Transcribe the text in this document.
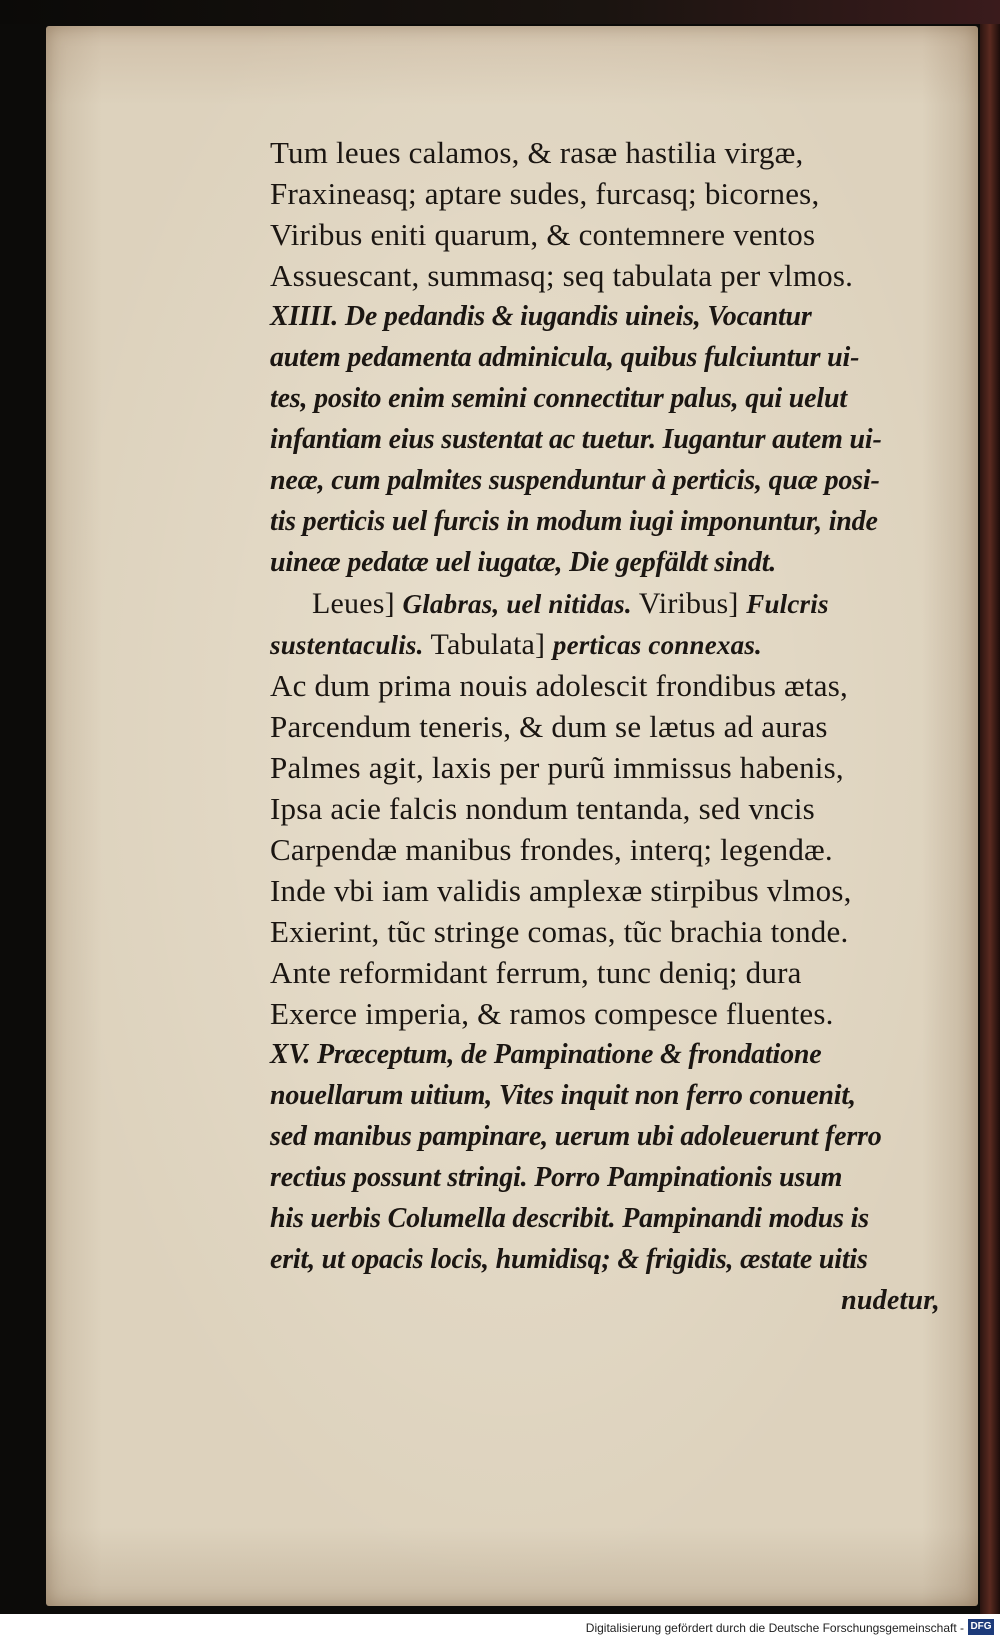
Tum leues calamos, & rasæ hastilia virgæ,
Fraxineasq; aptare sudes, furcasq; bicornes,
Viribus eniti quarum, & contemnere ventos
Assuescant, summasq; seq tabulata per vlmos.
XIIII. De pedandis & iugandis uineis, Vocantur
autem pedamenta adminicula, quibus fulciuntur ui-
tes, posito enim semini connectitur palus, qui uelut
infantiam eius sustentat ac tuetur. Iugantur autem ui-
neæ, cum palmites suspenduntur à perticis, quæ posi-
tis perticis uel furcis in modum iugi imponuntur, inde
uineæ pedatæ uel iugatæ, Die gepfäldt sindt.
Leues] Glabras, uel nitidas. Viribus] Fulcris
sustentaculis. Tabulata] perticas connexas.
Ac dum prima nouis adolescit frondibus ætas,
Parcendum teneris, & dum se lætus ad auras
Palmes agit, laxis per purũ immissus habenis,
Ipsa acie falcis nondum tentanda, sed vncis
Carpendæ manibus frondes, interq; legendæ.
Inde vbi iam validis amplexæ stirpibus vlmos,
Exierint, tũc stringe comas, tũc brachia tonde.
Ante reformidant ferrum, tunc deniq; dura
Exerce imperia, & ramos compesce fluentes.
XV. Præceptum, de Pampinatione & frondatione
nouellarum uitium, Vites inquit non ferro conuenit,
sed manibus pampinare, uerum ubi adoleuerunt ferro
rectius possunt stringi. Porro Pampinationis usum
his uerbis Columella describit. Pampinandi modus is
erit, ut opacis locis, humidisq; & frigidis, æstate uitis
nudetur,
Digitalisierung gefördert durch die Deutsche Forschungsgemeinschaft - DFG
